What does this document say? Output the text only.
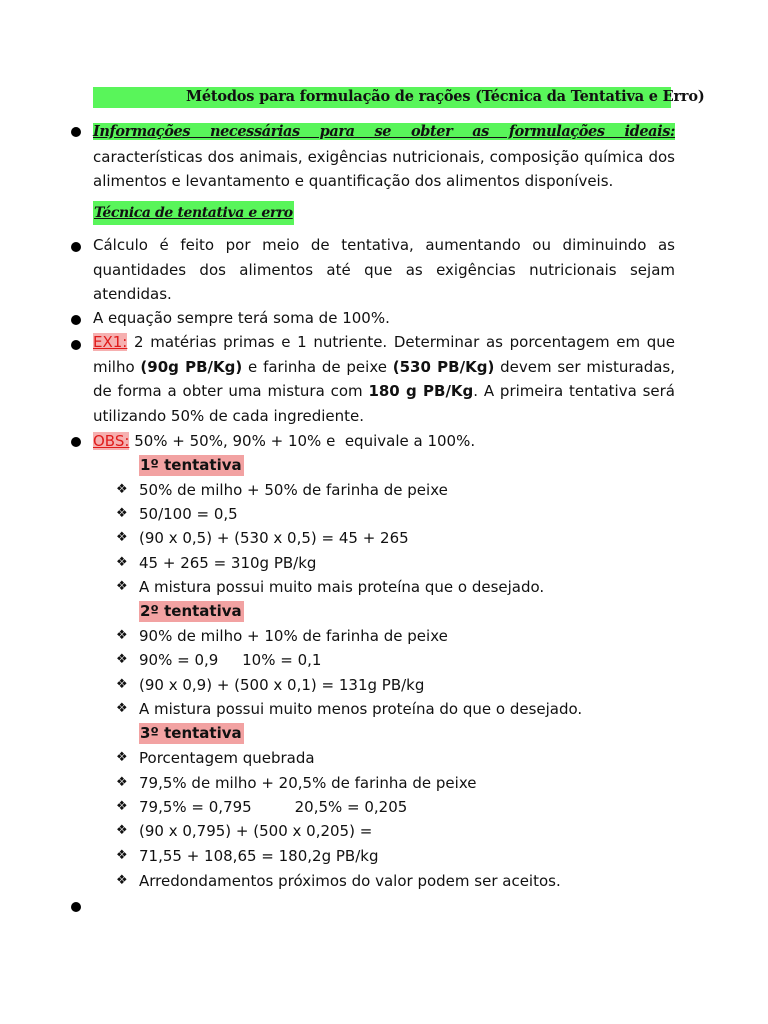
Métodos para formulação de rações (Técnica da Tentativa e Erro)
Informações necessárias para se obter as formulações ideais: características dos animais, exigências nutricionais, composição química dos alimentos e levantamento e quantificação dos alimentos disponíveis.
Técnica de tentativa e erro
Cálculo é feito por meio de tentativa, aumentando ou diminuindo as quantidades dos alimentos até que as exigências nutricionais sejam atendidas.
A equação sempre terá soma de 100%.
EX1: 2 matérias primas e 1 nutriente. Determinar as porcentagem em que milho (90g PB/Kg) e farinha de peixe (530 PB/Kg) devem ser misturadas, de forma a obter uma mistura com 180 g PB/Kg. A primeira tentativa será utilizando 50% de cada ingrediente.
OBS: 50% + 50%, 90% + 10% e  equivale a 100%.
1º tentativa
❖ 50% de milho + 50% de farinha de peixe
❖ 50/100 = 0,5
❖ (90 x 0,5) + (530 x 0,5) = 45 + 265
❖ 45 + 265 = 310g PB/kg
❖ A mistura possui muito mais proteína que o desejado.
2º tentativa
❖ 90% de milho + 10% de farinha de peixe
❖ 90% = 0,9     10% = 0,1
❖ (90 x 0,9) + (500 x 0,1) = 131g PB/kg
❖ A mistura possui muito menos proteína do que o desejado.
3º tentativa
❖ Porcentagem quebrada
❖ 79,5% de milho + 20,5% de farinha de peixe
❖ 79,5% = 0,795         20,5% = 0,205
❖ (90 x 0,795) + (500 x 0,205) =
❖ 71,55 + 108,65 = 180,2g PB/kg
❖ Arredondamentos próximos do valor podem ser aceitos.
